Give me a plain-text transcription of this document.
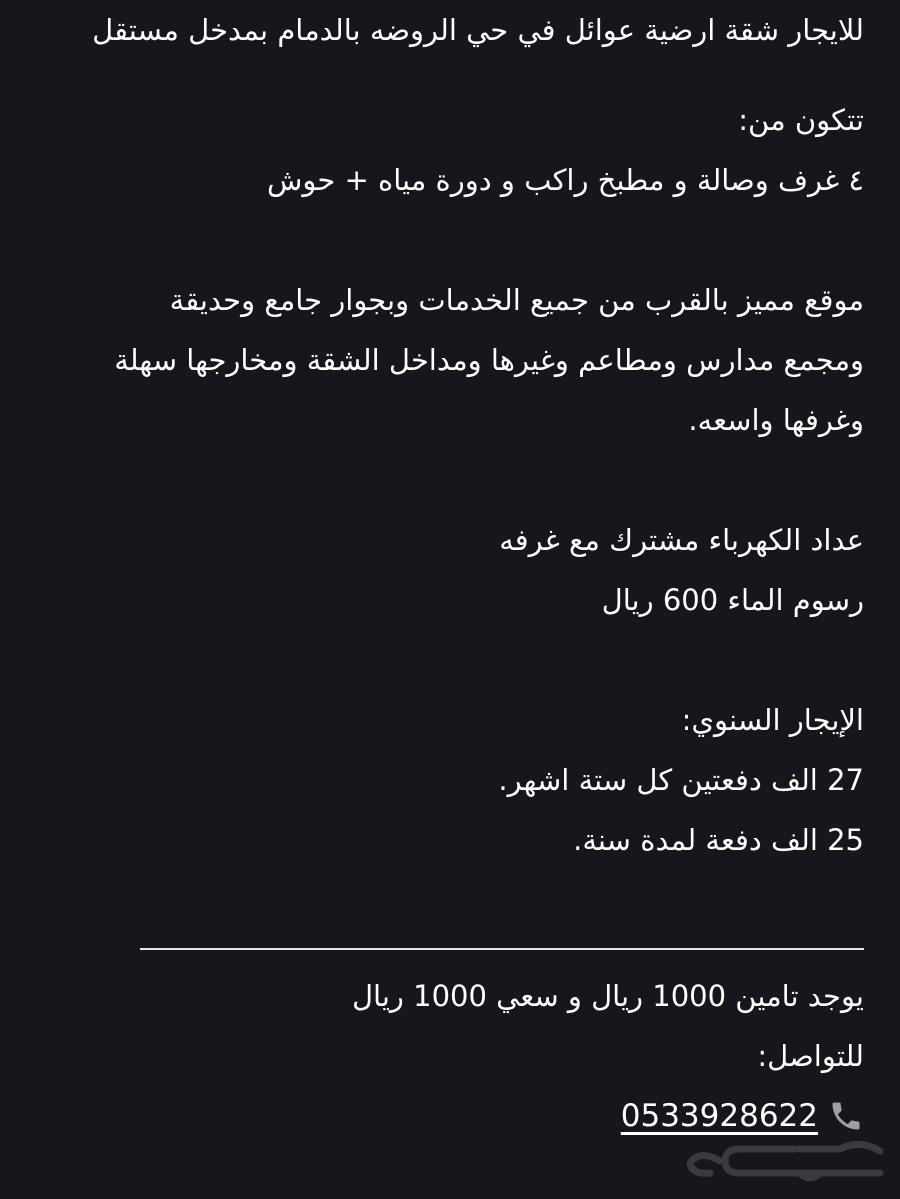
للايجار شقة ارضية عوائل في حي الروضه بالدمام بمدخل مستقل
تتكون من:
٤ غرف وصالة و مطبخ راكب و دورة مياه + حوش
موقع مميز بالقرب من جميع الخدمات وبجوار جامع وحديقة
ومجمع مدارس ومطاعم وغيرها ومداخل الشقة ومخارجها سهلة
وغرفها واسعه.
عداد الكهرباء مشترك مع غرفه
رسوم الماء 600 ريال
الإيجار السنوي:
27 الف دفعتين كل ستة اشهر.
25 الف دفعة لمدة سنة.
يوجد تامين 1000 ريال و سعي 1000 ريال
للتواصل:
0533928622
